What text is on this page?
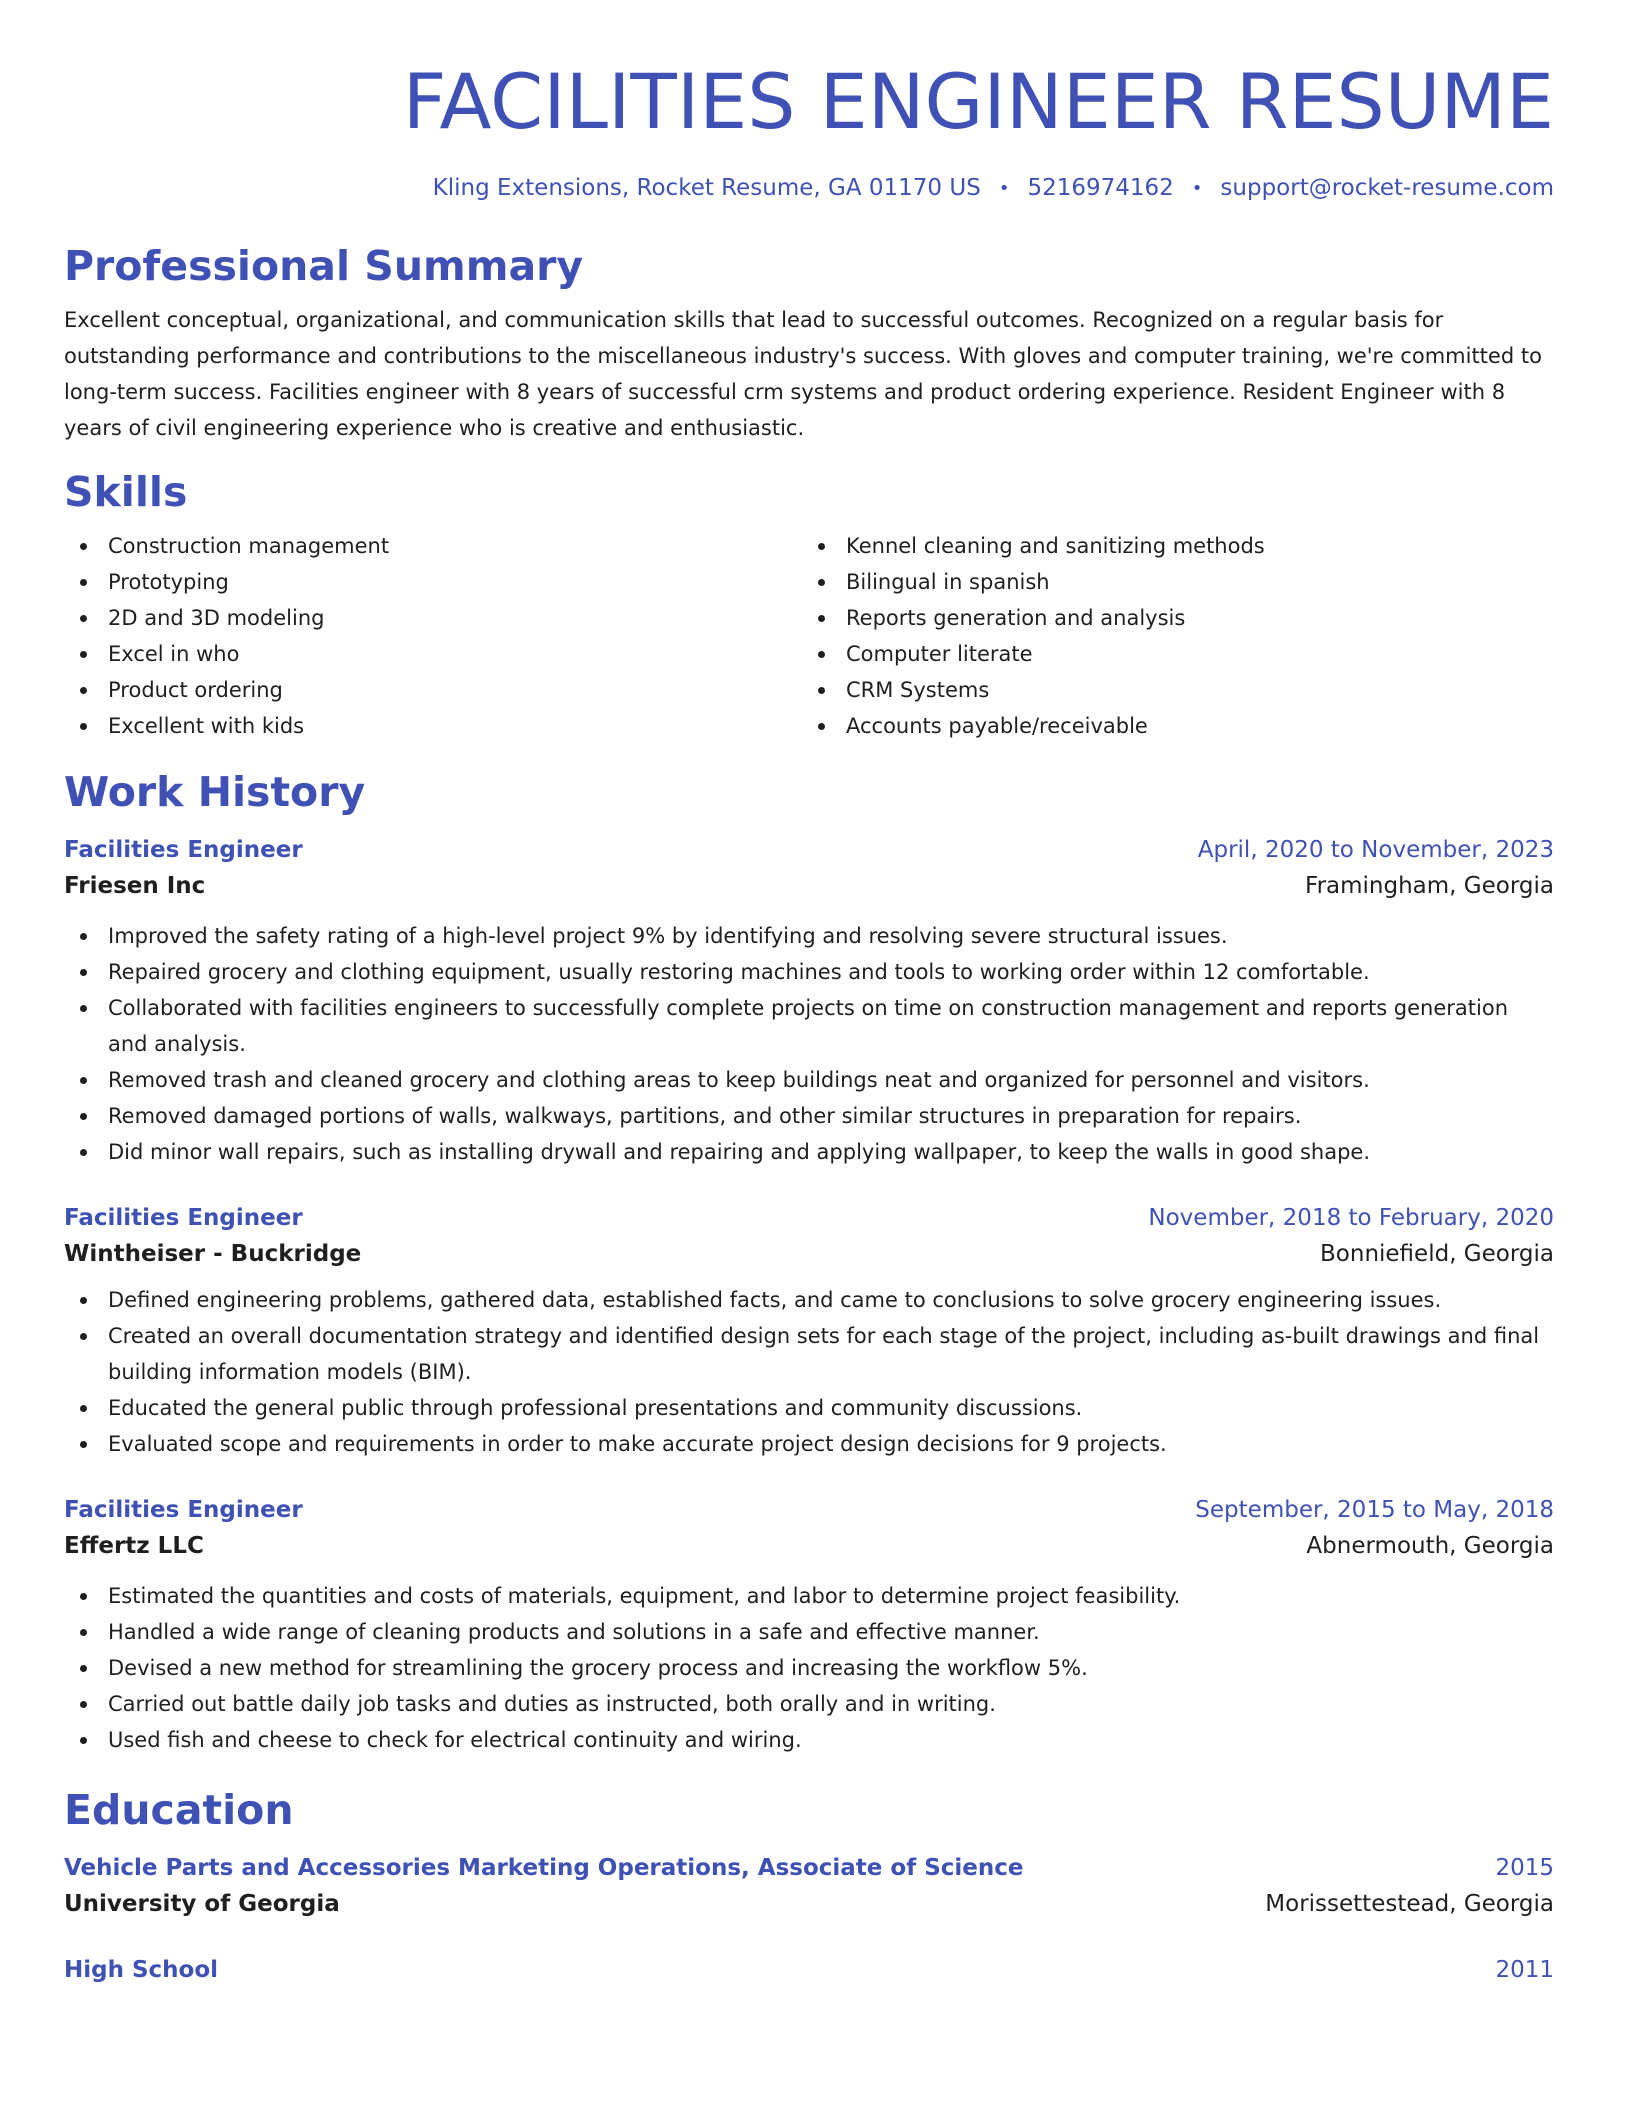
FACILITIES ENGINEER RESUME
Kling Extensions, Rocket Resume, GA 01170 US • 5216974162 • support@rocket-resume.com
Professional Summary
Excellent conceptual, organizational, and communication skills that lead to successful outcomes. Recognized on a regular basis for outstanding performance and contributions to the miscellaneous industry's success. With gloves and computer training, we're committed to long-term success. Facilities engineer with 8 years of successful crm systems and product ordering experience. Resident Engineer with 8 years of civil engineering experience who is creative and enthusiastic.
Skills
Construction management
Prototyping
2D and 3D modeling
Excel in who
Product ordering
Excellent with kids
Kennel cleaning and sanitizing methods
Bilingual in spanish
Reports generation and analysis
Computer literate
CRM Systems
Accounts payable/receivable
Work History
Facilities Engineer	April, 2020 to November, 2023
Friesen Inc	Framingham, Georgia
Improved the safety rating of a high-level project 9% by identifying and resolving severe structural issues.
Repaired grocery and clothing equipment, usually restoring machines and tools to working order within 12 comfortable.
Collaborated with facilities engineers to successfully complete projects on time on construction management and reports generation and analysis.
Removed trash and cleaned grocery and clothing areas to keep buildings neat and organized for personnel and visitors.
Removed damaged portions of walls, walkways, partitions, and other similar structures in preparation for repairs.
Did minor wall repairs, such as installing drywall and repairing and applying wallpaper, to keep the walls in good shape.
Facilities Engineer	November, 2018 to February, 2020
Wintheiser - Buckridge	Bonniefield, Georgia
Defined engineering problems, gathered data, established facts, and came to conclusions to solve grocery engineering issues.
Created an overall documentation strategy and identified design sets for each stage of the project, including as-built drawings and final building information models (BIM).
Educated the general public through professional presentations and community discussions.
Evaluated scope and requirements in order to make accurate project design decisions for 9 projects.
Facilities Engineer	September, 2015 to May, 2018
Effertz LLC	Abnermouth, Georgia
Estimated the quantities and costs of materials, equipment, and labor to determine project feasibility.
Handled a wide range of cleaning products and solutions in a safe and effective manner.
Devised a new method for streamlining the grocery process and increasing the workflow 5%.
Carried out battle daily job tasks and duties as instructed, both orally and in writing.
Used fish and cheese to check for electrical continuity and wiring.
Education
Vehicle Parts and Accessories Marketing Operations, Associate of Science	2015
University of Georgia	Morissettestead, Georgia
High School	2011
